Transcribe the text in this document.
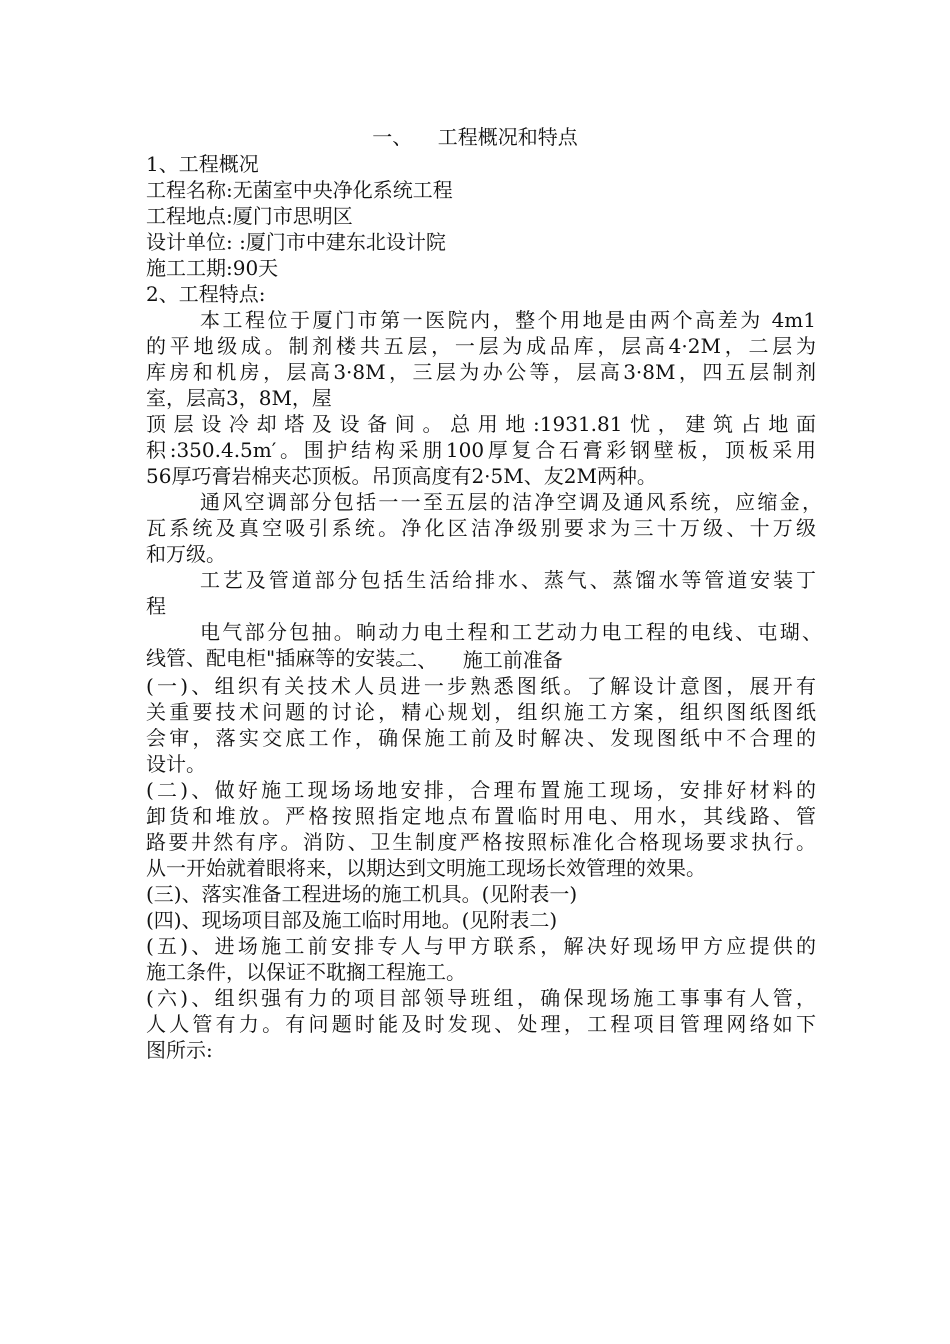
一、    工程概况和特点
1、工程概况
工程名称:无菌室中央净化系统工程
工程地点:厦门市思明区
设计单位: :厦门市中建东北设计院
施工工期:90天
2、工程特点:
本工程位于厦门市第一医院内，整个用地是由两个高差为 4m1
的平地级成。制剂楼共五层，一层为成品库，层高4·2M，二层为
库房和机房，层高3·8M，三层为办公等，层高3·8M，四五层制剂
室，层高3，8M，屋
顶层设冷却塔及设备间。总用地:1931.81忧，建筑占地面
积:350.4.5m′。围护结构采朋100厚复合石膏彩钢壁板，顶板采用
56厚巧膏岩棉夹芯顶板。吊顶高度有2·5M、友2M两种。
通风空调部分包括一一至五层的洁净空调及通风系统，应缩金，
瓦系统及真空吸引系统。净化区洁净级别要求为三十万级、十万级
和万级。
工艺及管道部分包括生活给排水、蒸气、蒸馏水等管道安装丁
程
电气部分包抽。晌动力电土程和工艺动力电工程的电线、屯瑚、
线管、配电柜"插麻等的安装。
二、    施工前准备
(一)、组织有关技术人员进一步熟悉图纸。了解设计意图，展开有
关重要技术问题的讨论，精心规划，组织施工方案，组织图纸图纸
会审，落实交底工作，确保施工前及时解决、发现图纸中不合理的
设计。
(二)、做好施工现场场地安排，合理布置施工现场，安排好材料的
卸货和堆放。严格按照指定地点布置临时用电、用水，其线路、管
路要井然有序。消防、卫生制度严格按照标准化合格现场要求执行。
从一开始就着眼将来，以期达到文明施工现场长效管理的效果。
(三)、落实准备工程进场的施工机具。(见附表一)
(四)、现场项目部及施工临时用地。(见附表二)
(五)、进场施工前安排专人与甲方联系，解决好现场甲方应提供的
施工条件，以保证不耽搁工程施工。
(六)、组织强有力的项目部领导班组，确保现场施工事事有人管，
人人管有力。有问题时能及时发现、处理，工程项目管理网络如下
图所示:
